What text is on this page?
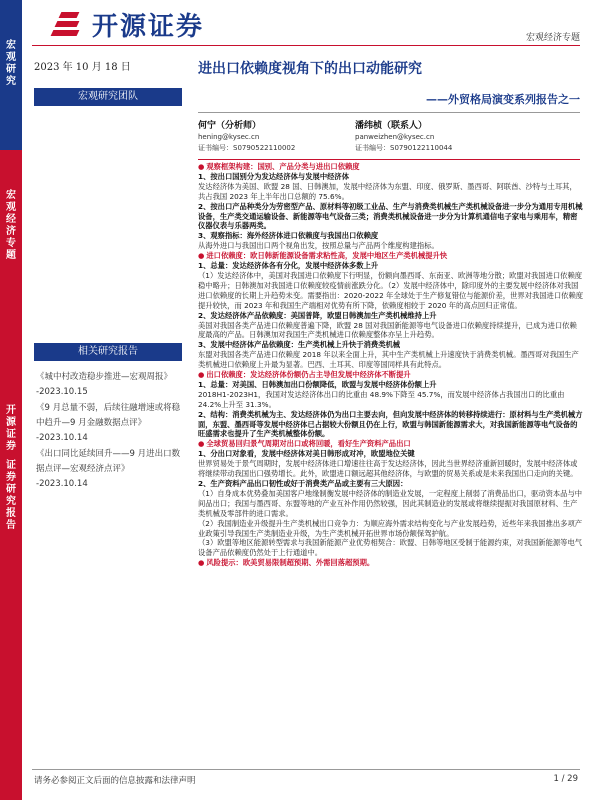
宏观研究
宏观经济专题
开源证券
证券研究报告
开源证券	宏观经济专题
2023 年 10 月 18 日
宏观研究团队
相关研究报告
《城中村改造稳步推进—宏观周报》
-2023.10.15
《9 月总量不弱，后续往融增速或将稳中趋升—9 月金融数据点评》
-2023.10.14
《出口同比延续回升——9 月进出口数据点评—宏观经济点评》
-2023.10.14
进出口依赖度视角下的出口动能研究
——外贸格局演变系列报告之一
何宁（分析师）
hening@kysec.cn
证书编号：S0790522110002
潘纬桢（联系人）
panweizhen@kysec.cn
证书编号：S0790122110044

● 观察框架构建：国别、产品分类与进出口依赖度

1、按出口国别分为发达经济体与发展中经济体

发达经济体为美国、欧盟 28 国、日韩澳加，发展中经济体为东盟、印度、俄罗斯、墨西哥、阿联酋、沙特与土耳其，共占我国 2023 年上半年出口总额的 75.6%。

2、按出口产品种类分为劳密型产品、原材料等初级工业品、生产与消费类机械生产类机械设备进一步分为通用专用机械设备，生产类交通运输设备、新能源等电气设备三类；消费类机械设备进一步分为计算机通信电子家电与乘用车，精密仪器仪表与乐器两类。

3、观察指标：海外经济体进口依赖度与我国出口依赖度

从海外进口与我国出口两个视角出发，按照总量与产品两个维度构建指标。

● 进口依赖度：欧日韩新能源设备需求粘性高，发展中地区生产类机械提升快

1、总量：发达经济体各有分化，发展中经济体多数上升

（1）发达经济体中，美国对我国进口依赖度下行明显，份额向墨西哥、东南亚、欧洲等地分散；欧盟对我国进口依赖度稳中略升；日韩澳加对我国进口依赖度较疫情前涨跌分化。（2）发展中经济体中，除印度外的主要发展中经济体对我国进口依赖度的长期上升趋势未变。需要指出：2020-2022 年全球处于生产修复错位与能源价差，世界对我国进口依赖度提升较快，而 2023 年和我国生产端相对优势有所下降，依赖度相较于 2020 年的高点回归正常值。

2、发达经济体产品依赖度：美国普降，欧盟日韩澳加生产类机械维持上升

美国对我国各类产品进口依赖度普遍下降，欧盟 28 国对我国新能源等电气设备进口依赖度持续提升，已成为进口依赖度最高的产品。日韩澳加对我国生产类机械进口依赖度整体亦呈上升趋势。

3、发展中经济体产品依赖度：生产类机械上升快于消费类机械

东盟对我国各类产品进口依赖度 2018 年以来全面上升，其中生产类机械上升速度快于消费类机械。墨西哥对我国生产类机械进口依赖度上升最为显著。巴西、土耳其、印度等国同样具有此特点。

● 出口依赖度：发达经济体份额仍占主导但发展中经济体不断提升

1、总量：对美国、日韩澳加出口份额降低，欧盟与发展中经济体份额上升

2018H1-2023H1，我国对发达经济体出口的比重由 48.9%下降至 45.7%，而发展中经济体占我国出口的比重由 24.2%上升至 31.3%。

2、结构：消费类机械为主、发达经济体仍为出口主要去向，但向发展中经济体的转移持续进行：原材料与生产类机械方面，东盟、墨西哥等发展中经济体已占据较大份额且仍在上行，欧盟与韩国新能源需求大，对我国新能源等电气设备的旺盛需求也提升了生产类机械整体份额。

● 全球贸易回归景气周期对出口或将回暖，看好生产资料产品出口

1、分出口对象看，发展中经济体对美日韩形成对冲，欧盟地位关键

世界贸易处于景气周期时，发展中经济体进口增速往往高于发达经济体，因此当世界经济重新回暖时，发展中经济体或将继续带动我国出口强势增长。此外，欧盟进口额远超其他经济体，与欧盟的贸易关系或是未来我国出口走向的关键。

2、生产资料产品出口韧性或好于消费类产品或主要有三大原因：

（1）自身成本优势叠加美国客户地缘制衡发展中经济体的制造业发展，一定程度上削弱了消费品出口，驱动资本品与中间品出口；我国与墨西哥、东盟等地的产业互补作用仍然较强，因此其制造业的发展或将继续提振对我国原材料、生产类机械及零部件的进口需求。

（2）我国制造业升级提升生产类机械出口竞争力：为顺应海外需求结构变化与产业发展趋势，近些年来我国推出多项产业政策引导我国生产类制造业升级，为生产类机械开拓世界市场份额保驾护航。

（3）欧盟等地区能源转型需求与我国新能源产业优势相契合：欧盟、日韩等地区受制于能源约束，对我国新能源等电气设备产品依赖度仍然处于上行通道中。

● 风险提示：欧美贸易限制超预期、外需回落超预期。

请务必参阅正文后面的信息披露和法律声明	1 / 29
